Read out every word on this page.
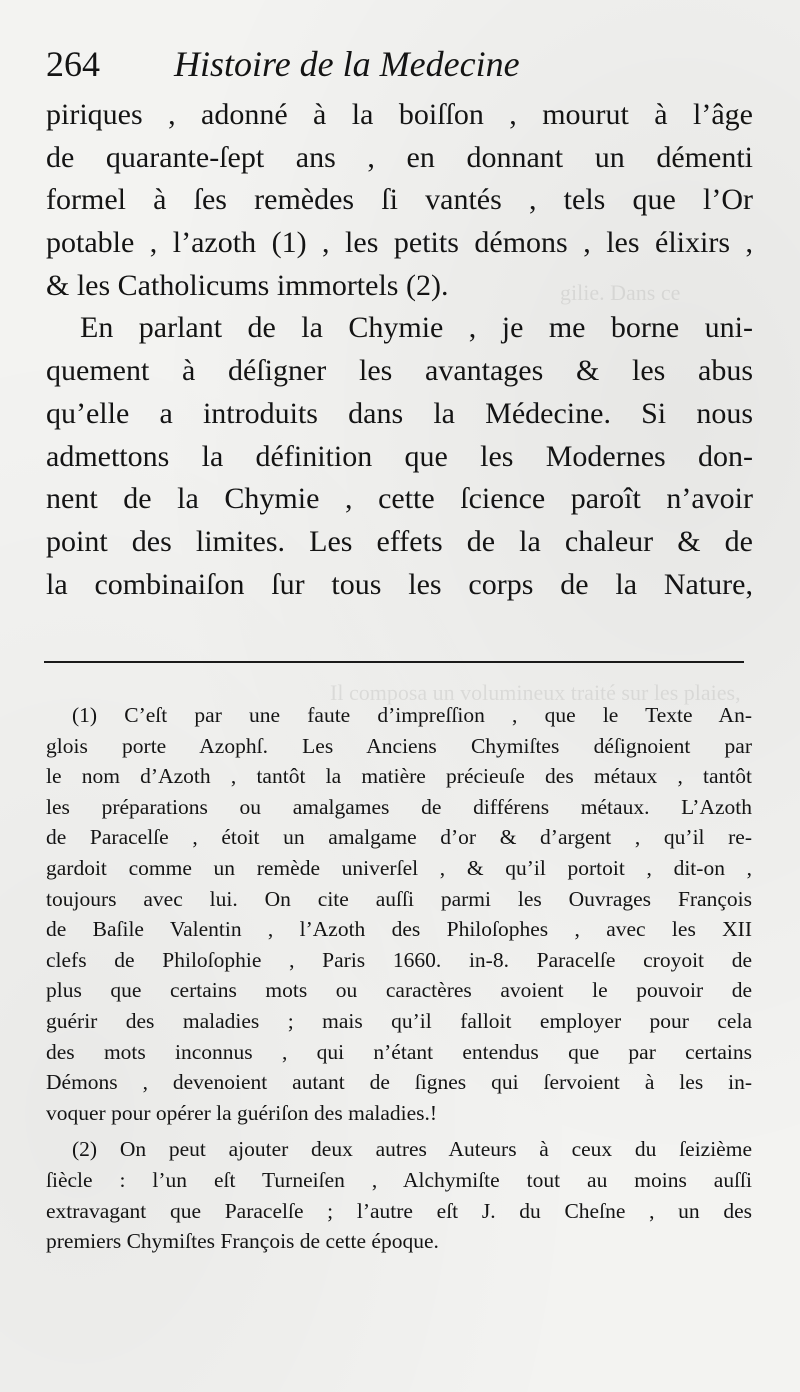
gilie. Dans ce
Il composa un volumineux traité sur les plaies,
264 Histoire de la Medecine
piriques , adonné à la boiſſon , mourut à l’âge
de quarante-ſept ans , en donnant un démenti
formel à ſes remèdes ſi vantés , tels que l’Or
potable , l’azoth (1) , les petits démons , les élixirs ,
& les Catholicums immortels (2).
En parlant de la Chymie , je me borne uni-
quement à déſigner les avantages & les abus
qu’elle a introduits dans la Médecine. Si nous
admettons la définition que les Modernes don-
nent de la Chymie , cette ſcience paroît n’avoir
point des limites. Les effets de la chaleur & de
la combinaiſon ſur tous les corps de la Nature,
(1) C’eſt par une faute d’impreſſion , que le Texte An-
glois porte Azophſ. Les Anciens Chymiſtes déſignoient par
le nom d’Azoth , tantôt la matière précieuſe des métaux , tantôt
les préparations ou amalgames de différens métaux. L’Azoth
de Paracelſe , étoit un amalgame d’or & d’argent , qu’il re-
gardoit comme un remède univerſel , & qu’il portoit , dit-on ,
toujours avec lui. On cite auſſi parmi les Ouvrages François
de Baſile Valentin , l’Azoth des Philoſophes , avec les XII
clefs de Philoſophie , Paris 1660. in-8. Paracelſe croyoit de
plus que certains mots ou caractères avoient le pouvoir de
guérir des maladies ; mais qu’il falloit employer pour cela
des mots inconnus , qui n’étant entendus que par certains
Démons , devenoient autant de ſignes qui ſervoient à les in-
voquer pour opérer la guériſon des maladies.!
(2) On peut ajouter deux autres Auteurs à ceux du ſeizième
ſiècle : l’un eſt Turneiſen , Alchymiſte tout au moins auſſi
extravagant que Paracelſe ; l’autre eſt J. du Cheſne , un des
premiers Chymiſtes François de cette époque.
